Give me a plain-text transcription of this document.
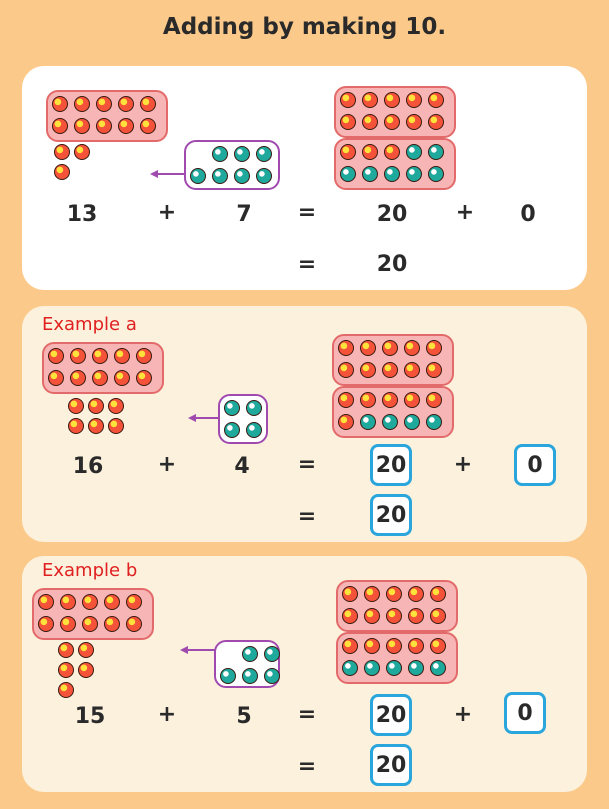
Adding by making 10.
13	+	7	=	20 +	0
=	20
Example a
16 +	4	=	20 +	0
=	20
Example b
15 +	5	=	20 +	0
=	20
